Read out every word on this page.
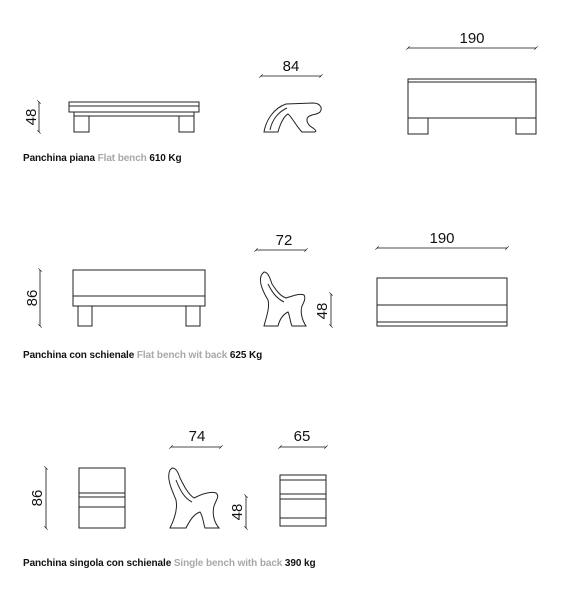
48
84
190
86
72
48
190
86
74
48
65

Panchina piana Flat bench 610 Kg

Panchina con schienale Flat bench wit back 625 Kg

Panchina singola con schienale Single bench with back 390 kg
